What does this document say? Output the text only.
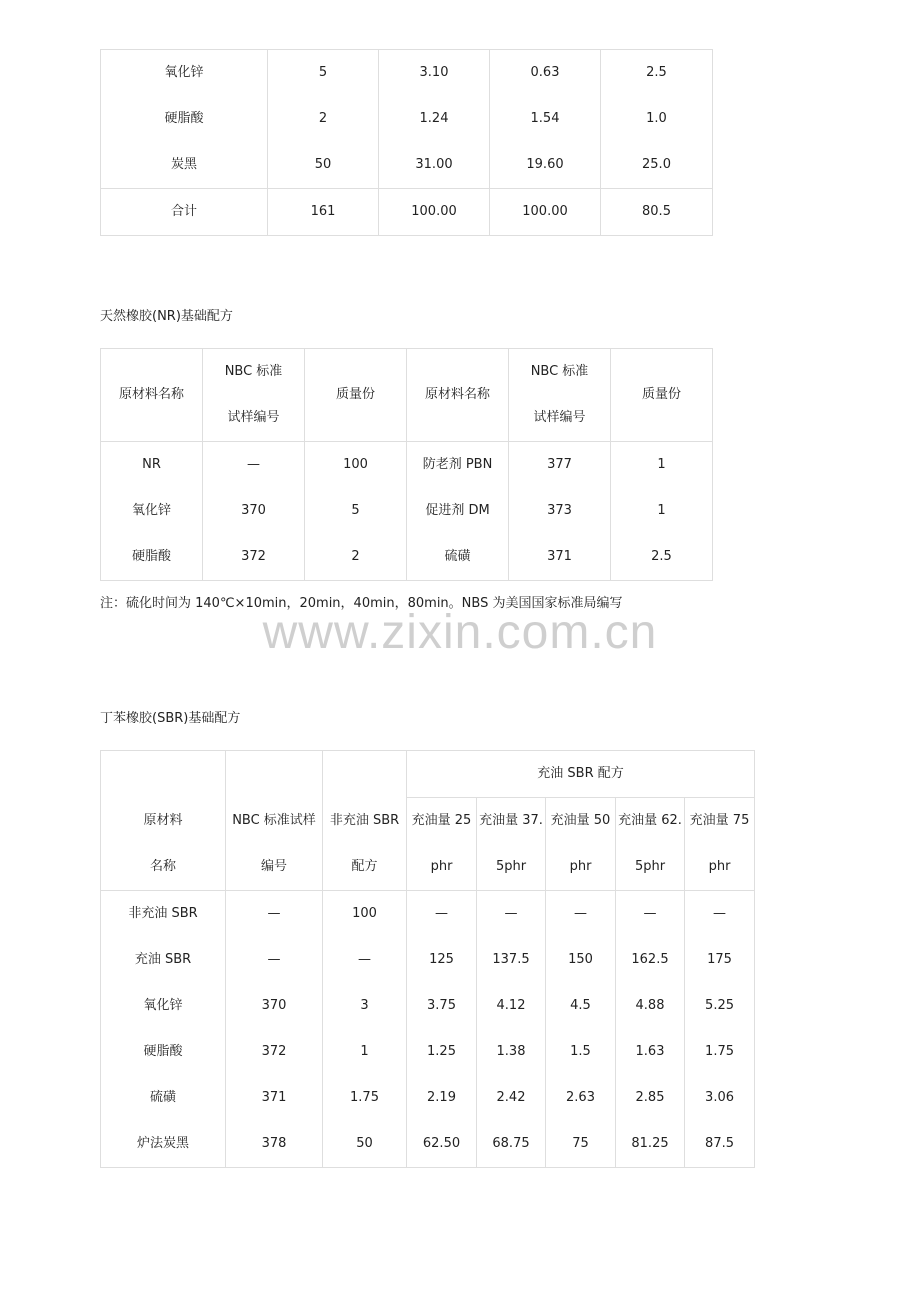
氧化锌	5	3.10	0.63	2.5
硬脂酸	2	1.24	1.54	1.0
炭黑	50	31.00	19.60	25.0
合计	161	100.00	100.00	80.5
天然橡胶(NR)基础配方
原材料名称	NBC 标准	质量份	原材料名称	NBC 标准	质量份
	试样编号			试样编号	
NR	—	100	防老剂 PBN	377	1
氧化锌	370	5	促进剂 DM	373	1
硬脂酸	372	2	硫磺	371	2.5
注：硫化时间为 140℃×10min，20min，40min，80min。NBS 为美国国家标准局编写
www.zixin.com.cn
丁苯橡胶(SBR)基础配方
原材料	NBC 标准试样	非充油 SBR	充油 SBR 配方				
			充油量 25	充油量 37.	充油量 50	充油量 62.	充油量 75
名称	编号	配方	phr	5phr	phr	5phr	phr
非充油 SBR	—	100	—	—	—	—	—
充油 SBR	—	—	125	137.5	150	162.5	175
氧化锌	370	3	3.75	4.12	4.5	4.88	5.25
硬脂酸	372	1	1.25	1.38	1.5	1.63	1.75
硫磺	371	1.75	2.19	2.42	2.63	2.85	3.06
炉法炭黑	378	50	62.50	68.75	75	81.25	87.5
